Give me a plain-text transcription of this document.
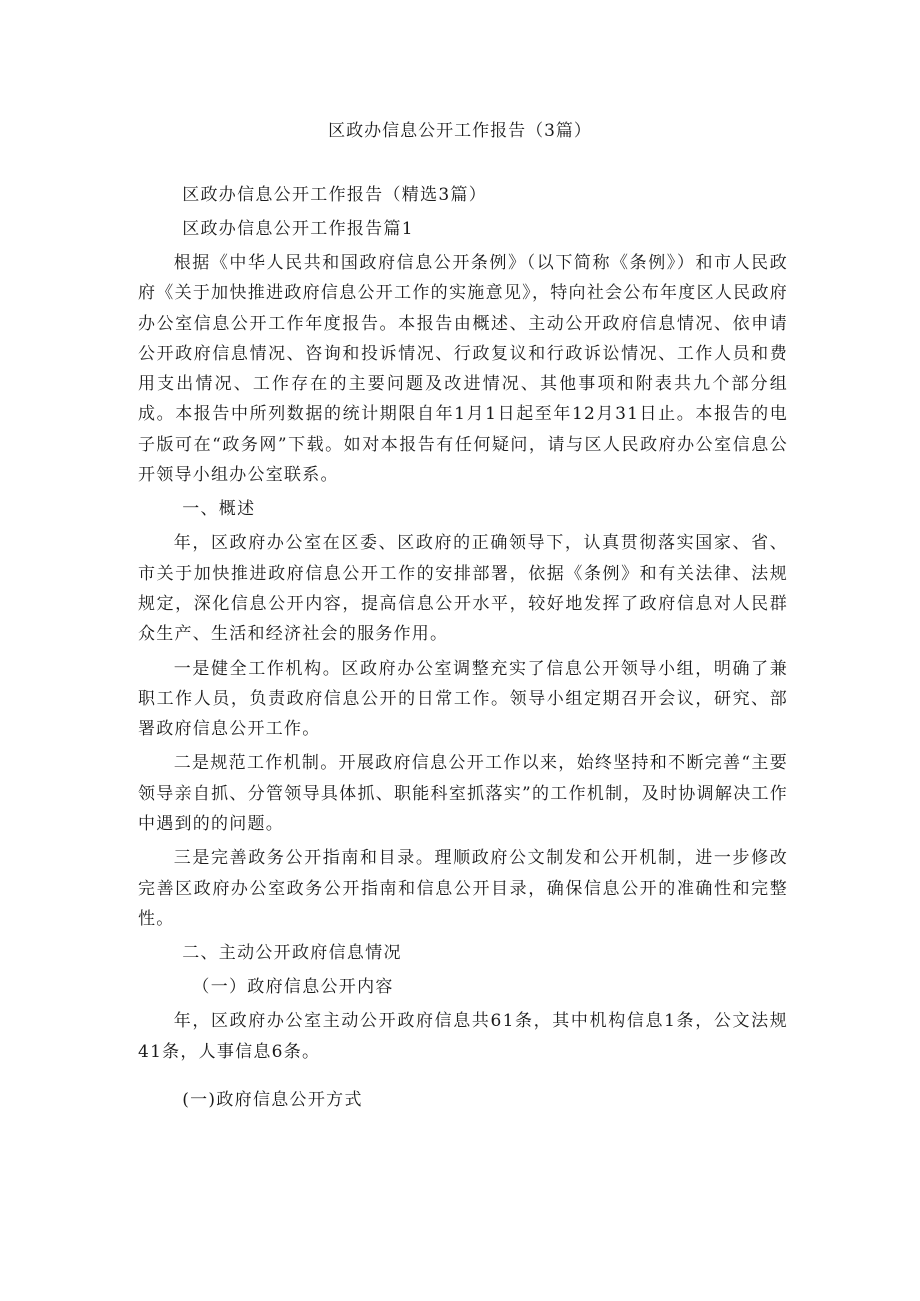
区政办信息公开工作报告（3篇）

区政办信息公开工作报告（精选3篇）

区政办信息公开工作报告篇1

根据《中华人民共和国政府信息公开条例》（以下简称《条例》）和市人民政府《关于加快推进政府信息公开工作的实施意见》，特向社会公布年度区人民政府办公室信息公开工作年度报告。本报告由概述、主动公开政府信息情况、依申请公开政府信息情况、咨询和投诉情况、行政复议和行政诉讼情况、工作人员和费用支出情况、工作存在的主要问题及改进情况、其他事项和附表共九个部分组成。本报告中所列数据的统计期限自年1月1日起至年12月31日止。本报告的电子版可在“政务网”下载。如对本报告有任何疑问，请与区人民政府办公室信息公开领导小组办公室联系。

一、概述

年，区政府办公室在区委、区政府的正确领导下，认真贯彻落实国家、省、市关于加快推进政府信息公开工作的安排部署，依据《条例》和有关法律、法规规定，深化信息公开内容，提高信息公开水平，较好地发挥了政府信息对人民群众生产、生活和经济社会的服务作用。

一是健全工作机构。区政府办公室调整充实了信息公开领导小组，明确了兼职工作人员，负责政府信息公开的日常工作。领导小组定期召开会议，研究、部署政府信息公开工作。

二是规范工作机制。开展政府信息公开工作以来，始终坚持和不断完善“主要领导亲自抓、分管领导具体抓、职能科室抓落实”的工作机制，及时协调解决工作中遇到的的问题。

三是完善政务公开指南和目录。理顺政府公文制发和公开机制，进一步修改完善区政府办公室政务公开指南和信息公开目录，确保信息公开的准确性和完整性。

二、主动公开政府信息情况

（一）政府信息公开内容

年，区政府办公室主动公开政府信息共61条，其中机构信息1条，公文法规41条，人事信息6条。

(一)政府信息公开方式
